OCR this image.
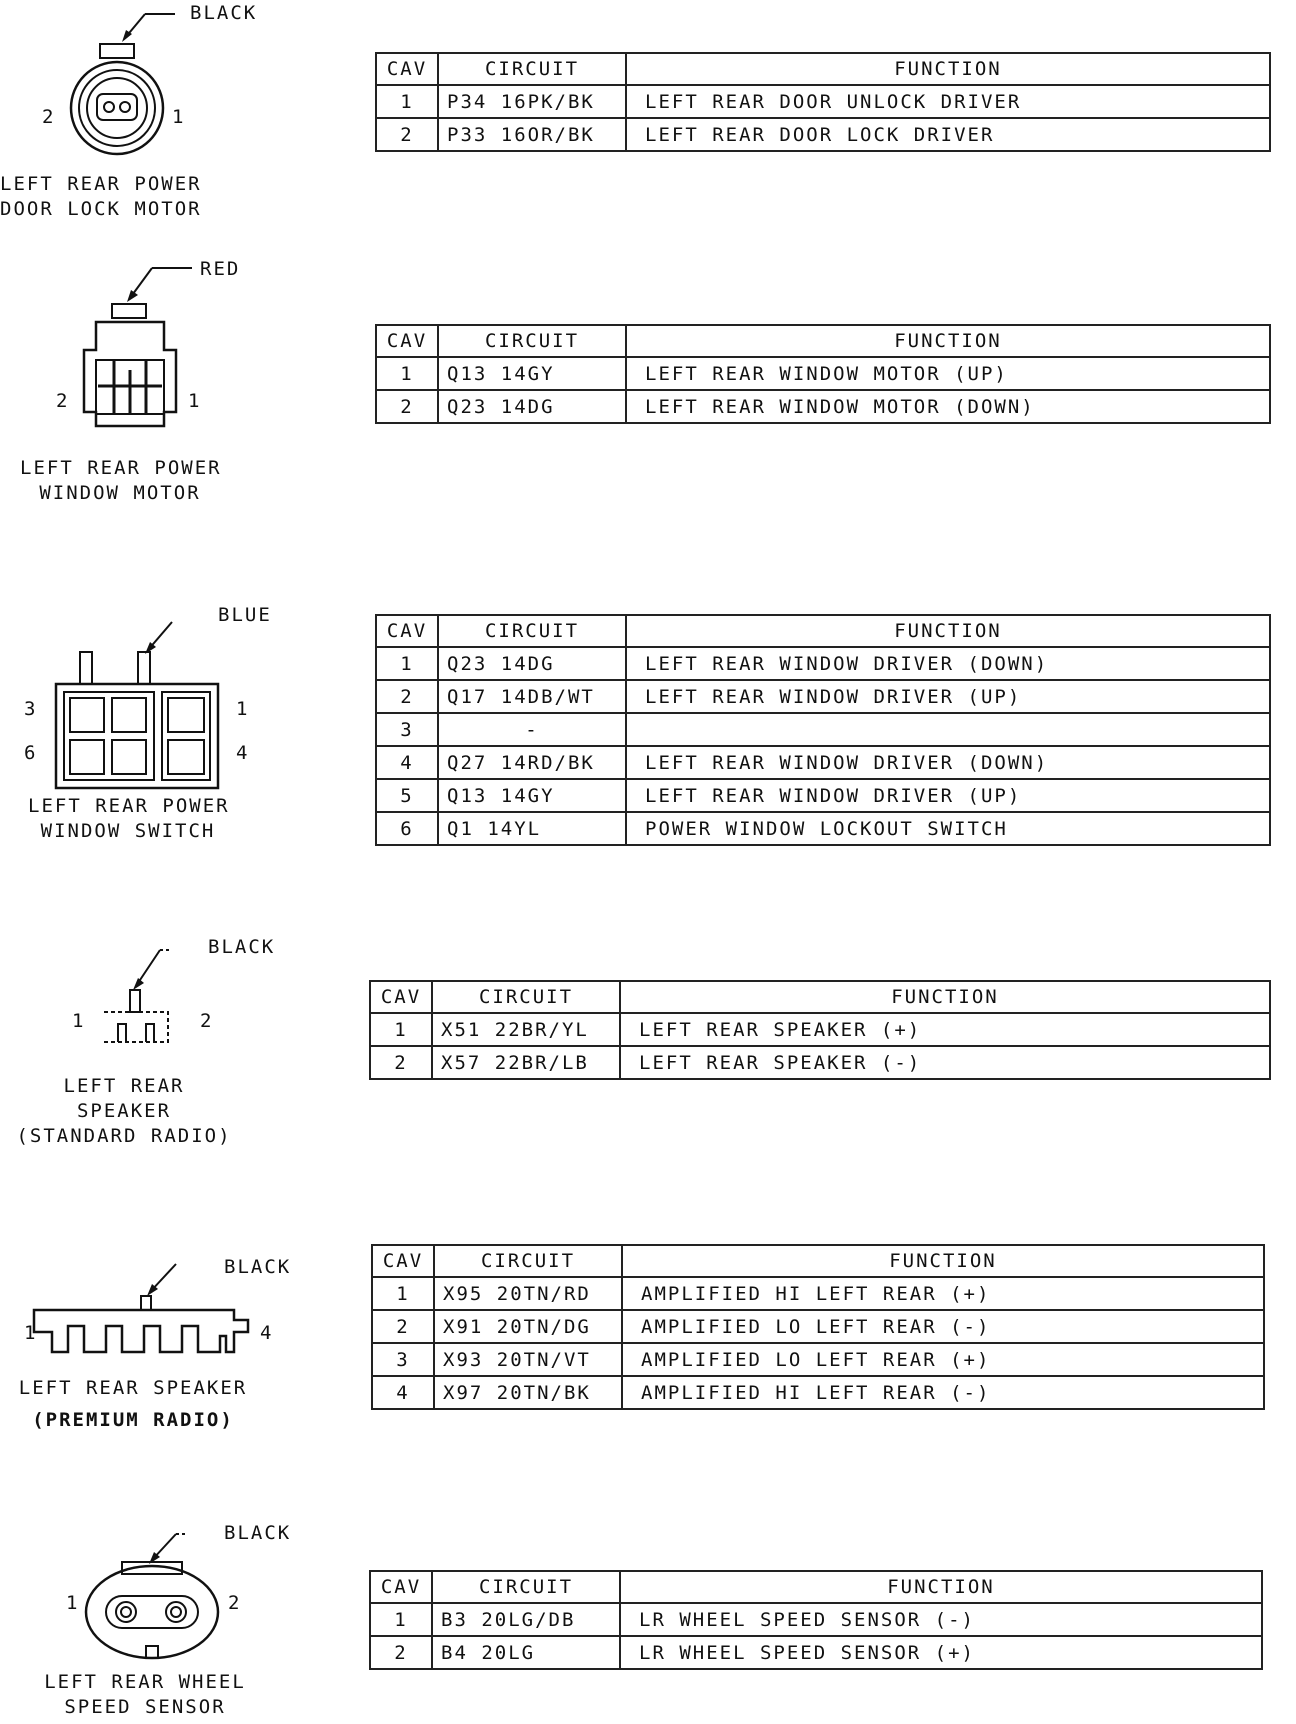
BLACK
2	1
LEFT REAR POWER
DOOR LOCK MOTOR
CAV	CIRCUIT	FUNCTION
1	P34 16PK/BK	LEFT REAR DOOR UNLOCK DRIVER
2	P33 16OR/BK	LEFT REAR DOOR LOCK DRIVER
RED
2	1
LEFT REAR POWER
WINDOW MOTOR
CAV	CIRCUIT	FUNCTION
1	Q13 14GY	LEFT REAR WINDOW MOTOR (UP)
2	Q23 14DG	LEFT REAR WINDOW MOTOR (DOWN)
BLUE
3	1
6	4
LEFT REAR POWER
WINDOW SWITCH
CAV	CIRCUIT	FUNCTION
1	Q23 14DG	LEFT REAR WINDOW DRIVER (DOWN)
2	Q17 14DB/WT	LEFT REAR WINDOW DRIVER (UP)
3	-	
4	Q27 14RD/BK	LEFT REAR WINDOW DRIVER (DOWN)
5	Q13 14GY	LEFT REAR WINDOW DRIVER (UP)
6	Q1 14YL	POWER WINDOW LOCKOUT SWITCH
BLACK
1	2
LEFT REAR
SPEAKER
(STANDARD RADIO)
CAV	CIRCUIT	FUNCTION
1	X51 22BR/YL	LEFT REAR SPEAKER (+)
2	X57 22BR/LB	LEFT REAR SPEAKER (-)
BLACK
1	4
LEFT REAR SPEAKER
(PREMIUM RADIO)
CAV	CIRCUIT	FUNCTION
1	X95 20TN/RD	AMPLIFIED HI LEFT REAR (+)
2	X91 20TN/DG	AMPLIFIED LO LEFT REAR (-)
3	X93 20TN/VT	AMPLIFIED LO LEFT REAR (+)
4	X97 20TN/BK	AMPLIFIED HI LEFT REAR (-)
BLACK
1	2
LEFT REAR WHEEL
SPEED SENSOR
CAV	CIRCUIT	FUNCTION
1	B3 20LG/DB	LR WHEEL SPEED SENSOR (-)
2	B4 20LG	LR WHEEL SPEED SENSOR (+)
